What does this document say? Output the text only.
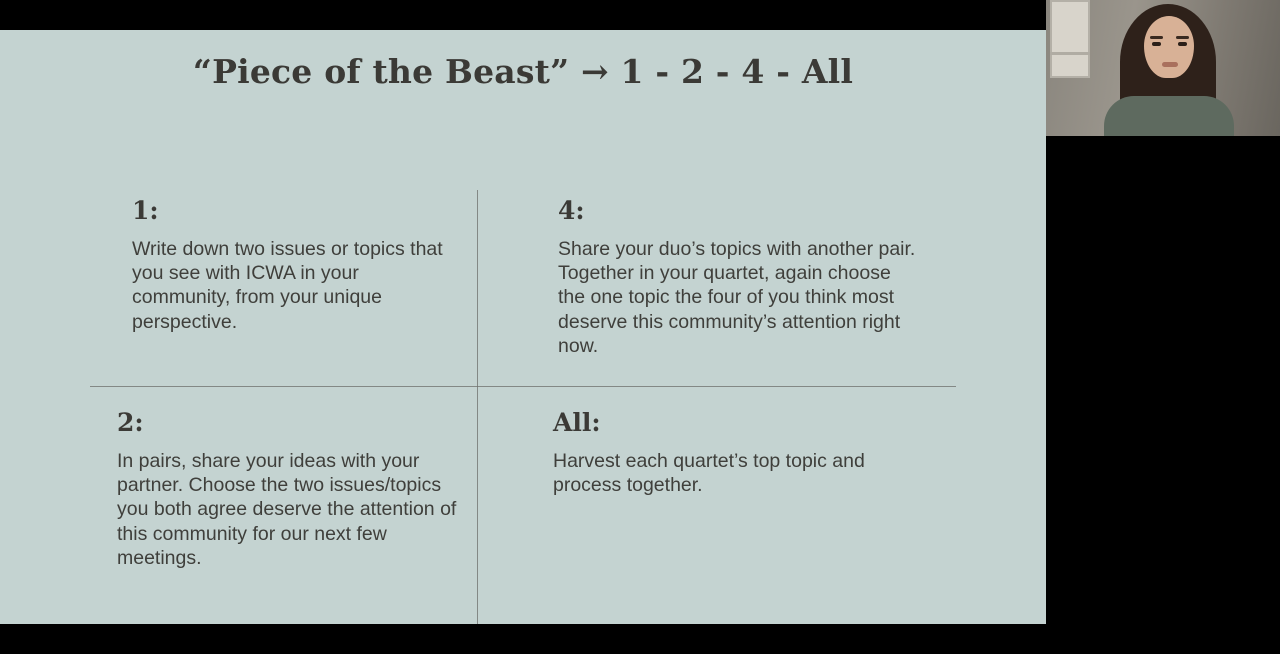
“Piece of the Beast” → 1 - 2 - 4 - All
1:

Write down two issues or topics that you see with ICWA in your community, from your unique perspective.

4:

Share your duo’s topics with another pair. Together in your quartet, again choose the one topic the four of you think most deserve this community’s attention right now.

2:

In pairs, share your ideas with your partner. Choose the two issues/topics you both agree deserve the attention of this community for our next few meetings.

All:

Harvest each quartet’s top topic and process together.
